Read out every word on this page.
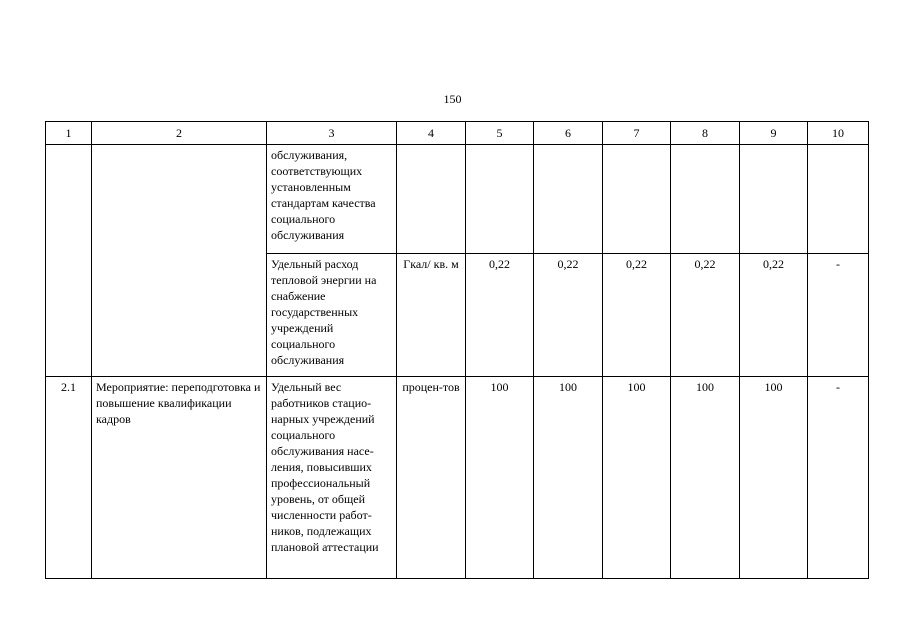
150
1	2	3	4	5	6	7	8	9	10
		обслуживания, соответствующих установленным стандартам качества социального обслуживания							
		Удельный расход тепловой энергии на снабжение государственных учреждений социального обслуживания	Гкал/ кв. м	0,22	0,22	0,22	0,22	0,22	-
2.1	Мероприятие: переподготовка и повышение квалификации кадров	Удельный вес работников стацио-нарных учреждений социального обслуживания насе-ления, повысивших профессиональный уровень, от общей численности работ-ников, подлежащих плановой аттестации	процен-тов	100	100	100	100	100	-
